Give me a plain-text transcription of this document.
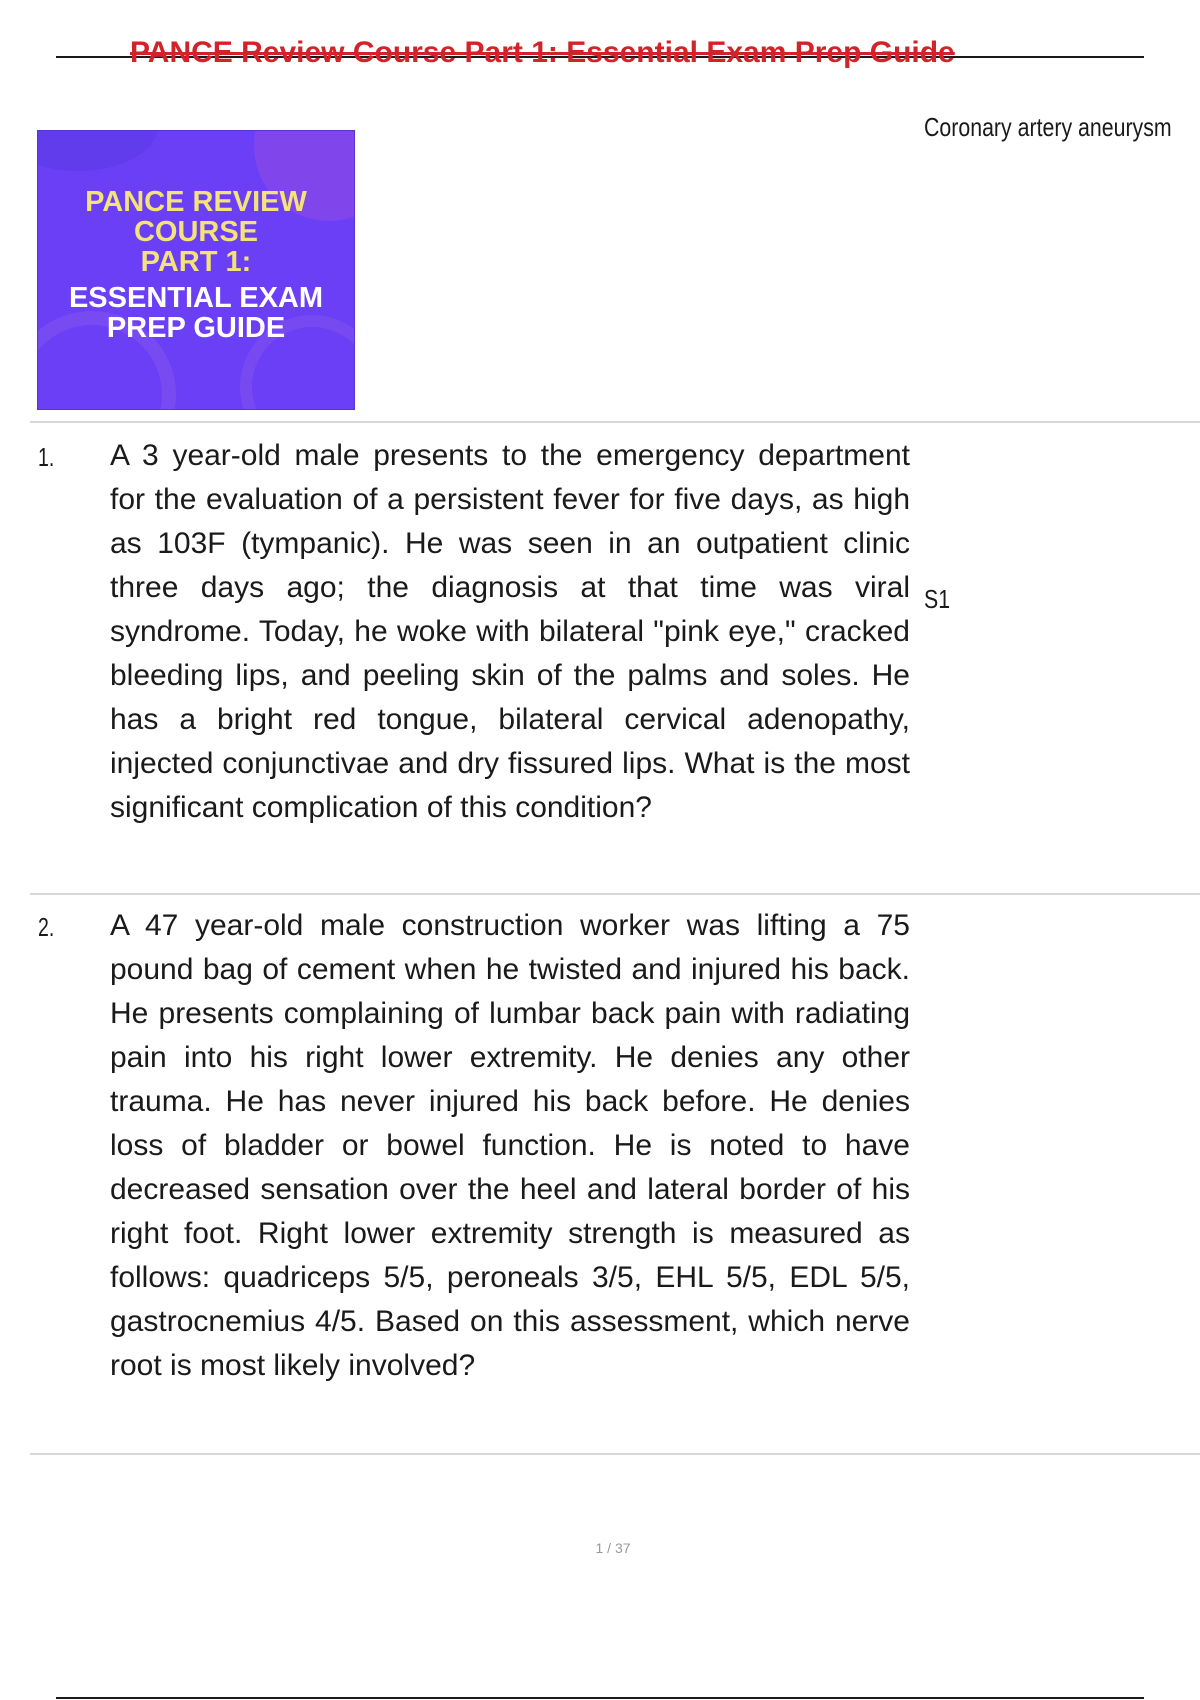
PANCE Review Course Part 1: Essential Exam Prep Guide
PANCE REVIEW
COURSE
PART 1:
ESSENTIAL EXAM
PREP GUIDE
Coronary artery aneurysm
1. A 3 year-old male presents to the emergency department for the evaluation of a persistent fever for five days, as high as 103F (tympanic). He was seen in an outpatient clinic three days ago; the diagnosis at that time was viral syndrome. Today, he woke with bilateral "pink eye," cracked bleeding lips, and peeling skin of the palms and soles. He has a bright red tongue, bilateral cervical adenopathy, injected conjunctivae and dry fissured lips. What is the most significant complication of this condition?
S1
2. A 47 year-old male construction worker was lifting a 75 pound bag of cement when he twisted and injured his back. He presents complaining of lumbar back pain with radiating pain into his right lower extremity. He denies any other trauma. He has never injured his back before. He denies loss of bladder or bowel function. He is noted to have decreased sensation over the heel and lateral border of his right foot. Right lower extremity strength is measured as follows: quadriceps 5/5, peroneals 3/5, EHL 5/5, EDL 5/5, gastrocnemius 4/5. Based on this assessment, which nerve root is most likely involved?
1 / 37
